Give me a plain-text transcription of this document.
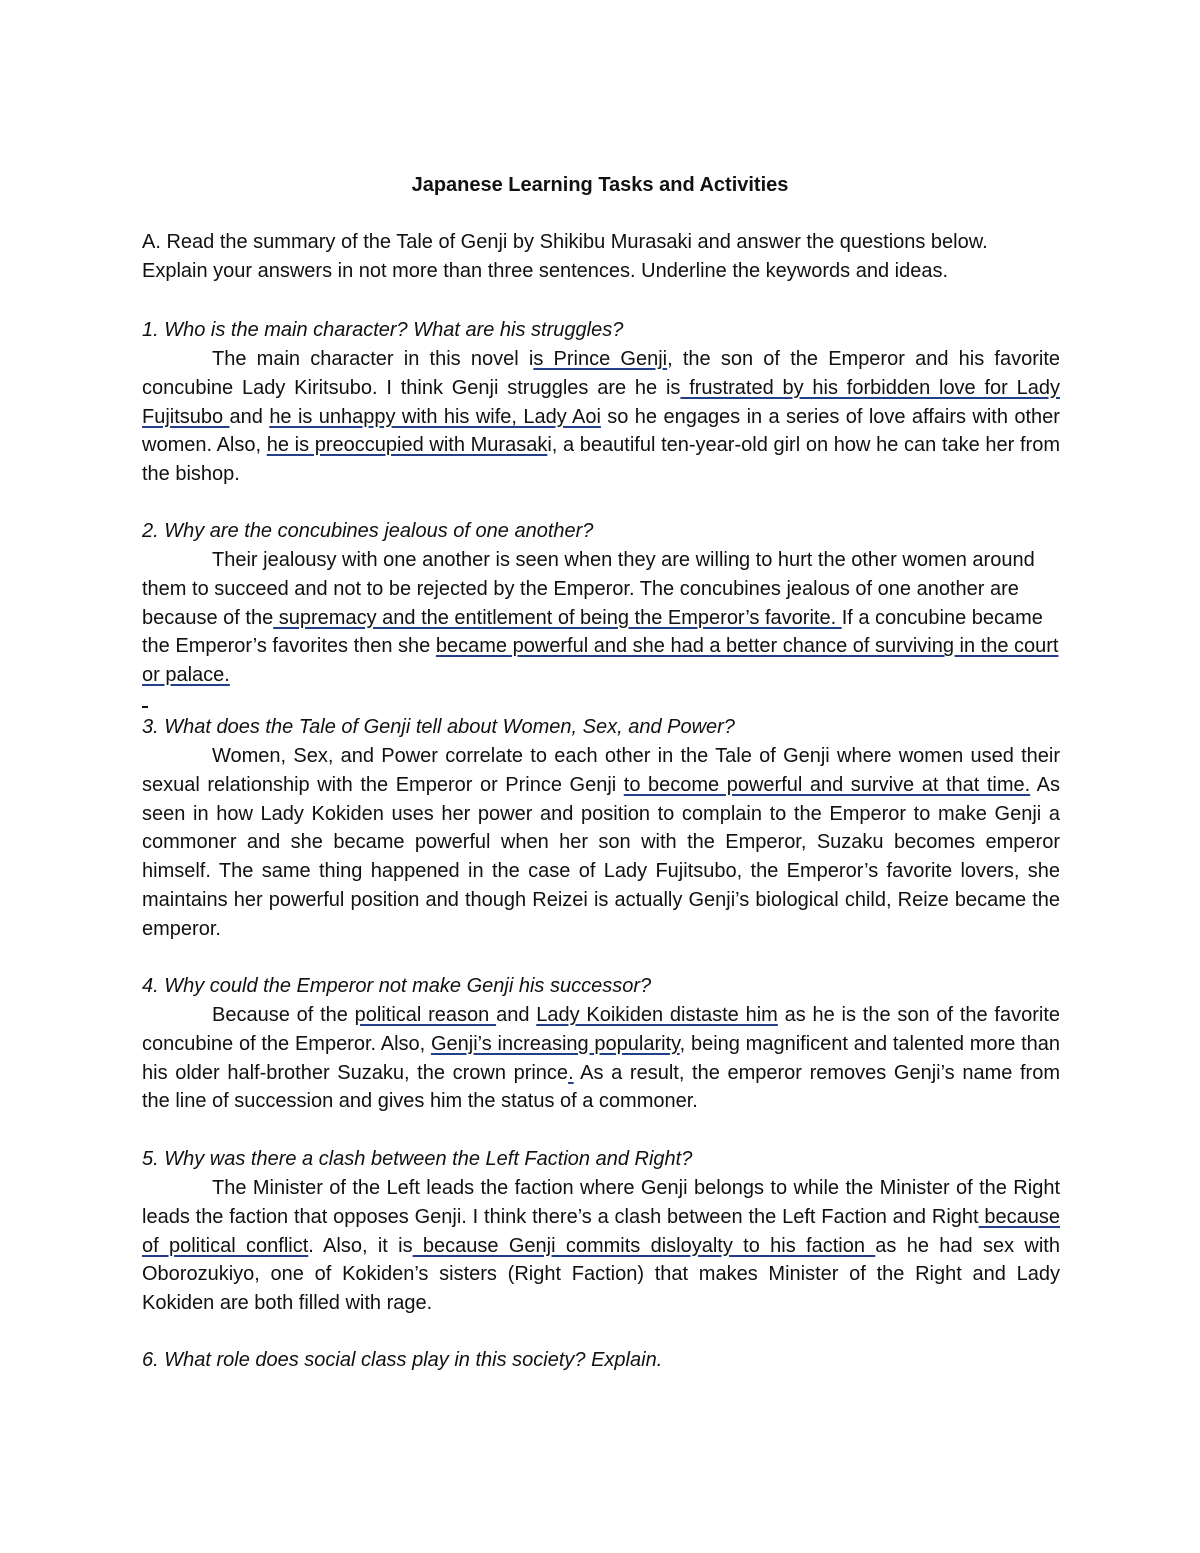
Japanese Learning Tasks and Activities
A. Read the summary of the Tale of Genji by Shikibu Murasaki and answer the questions below.
Explain your answers in not more than three sentences. Underline the keywords and ideas.
1. Who is the main character? What are his struggles?

The main character in this novel is Prince Genji, the son of the Emperor and his favorite concubine Lady Kiritsubo. I think Genji struggles are he is frustrated by his forbidden love for Lady Fujitsubo and he is unhappy with his wife, Lady Aoi so he engages in a series of love affairs with other women. Also, he is preoccupied with Murasaki, a beautiful ten-year-old girl on how he can take her from the bishop.

2. Why are the concubines jealous of one another?

Their jealousy with one another is seen when they are willing to hurt the other women around them to succeed and not to be rejected by the Emperor. The concubines jealous of one another are because of the supremacy and the entitlement of being the Emperor’s favorite. If a concubine became the Emperor’s favorites then she became powerful and she had a better chance of surviving in the court or palace.

3. What does the Tale of Genji tell about Women, Sex, and Power?

Women, Sex, and Power correlate to each other in the Tale of Genji where women used their sexual relationship with the Emperor or Prince Genji to become powerful and survive at that time. As seen in how Lady Kokiden uses her power and position to complain to the Emperor to make Genji a commoner and she became powerful when her son with the Emperor, Suzaku becomes emperor himself. The same thing happened in the case of Lady Fujitsubo, the Emperor’s favorite lovers, she maintains her powerful position and though Reizei is actually Genji’s biological child, Reize became the emperor.

4. Why could the Emperor not make Genji his successor?

Because of the political reason and Lady Koikiden distaste him as he is the son of the favorite concubine of the Emperor. Also, Genji’s increasing popularity, being magnificent and talented more than his older half-brother Suzaku, the crown prince. As a result, the emperor removes Genji’s name from the line of succession and gives him the status of a commoner.

5. Why was there a clash between the Left Faction and Right?

The Minister of the Left leads the faction where Genji belongs to while the Minister of the Right leads the faction that opposes Genji. I think there’s a clash between the Left Faction and Right because of political conflict. Also, it is because Genji commits disloyalty to his faction as he had sex with Oborozukiyo, one of Kokiden’s sisters (Right Faction) that makes Minister of the Right and Lady Kokiden are both filled with rage.

6. What role does social class play in this society? Explain.
